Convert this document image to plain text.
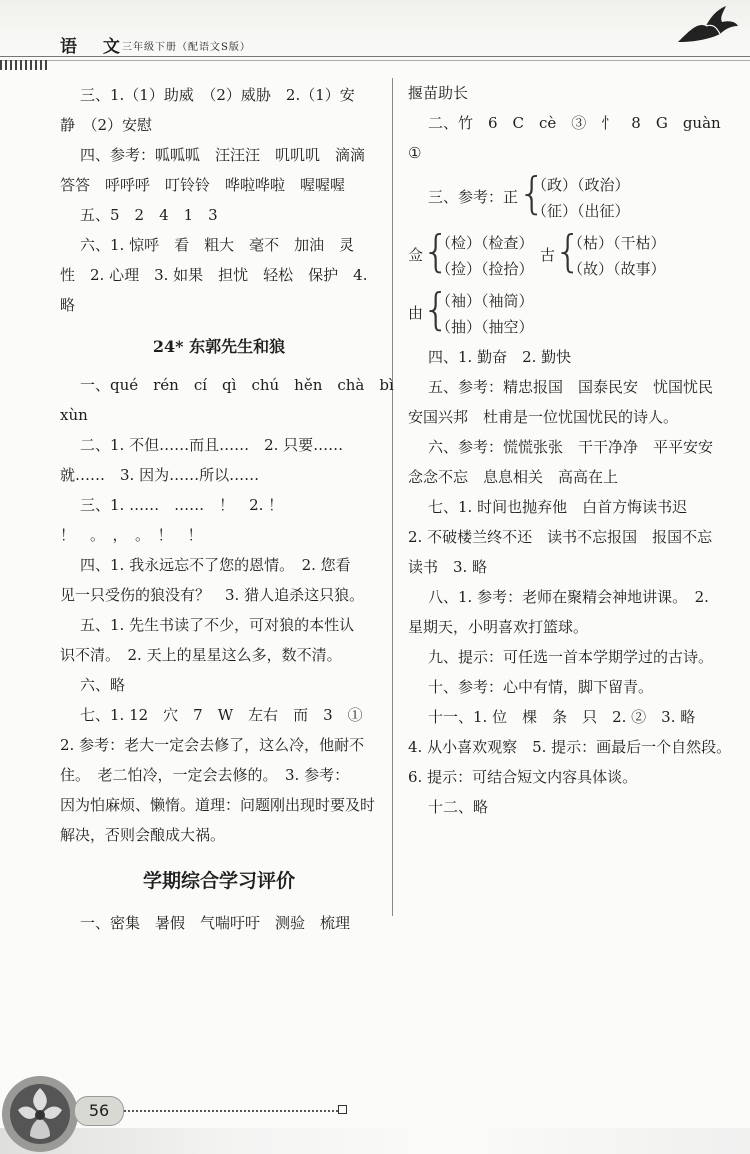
语 文
三年级下册（配语文S版）
三、1.（1）助威　（2）威胁　2.（1）安
静　（2）安慰
四、参考：呱呱呱　汪汪汪　叽叽叽　滴滴
答答　呼呼呼　叮铃铃　哗啦哗啦　喔喔喔
五、5　2　4　1　3
六、1. 惊呼　看　粗大　毫不　加油　灵
性　2. 心理　3. 如果　担忧　轻松　保护　4.
略
24* 东郭先生和狼
一、qué　rén　cí　qì　chú　hěn　chà　bì
xùn
二、1. 不但……而且……　2. 只要……
就……　3. 因为……所以……
三、1. ……　……　！　2. ！
！　。　，　。　！　！
四、1. 我永远忘不了您的恩情。　2. 您看
见一只受伤的狼没有？　3. 猎人追杀这只狼。
五、1. 先生书读了不少，可对狼的本性认
识不清。　2. 天上的星星这么多，数不清。
六、略
七、1. 12　穴　7　W　左右　而　3　①
2. 参考：老大一定会去修了，这么冷，他耐不
住。　老二怕冷，一定会去修的。　3. 参考：
因为怕麻烦、懒惰。道理：问题刚出现时要及时
解决，否则会酿成大祸。
学期综合学习评价
一、密集　暑假　气喘吁吁　测验　梳理
揠苗助长
二、竹　6　C　cè　③　忄　8　G　guàn
①
三、参考：正 {
（政）（政治）
（征）（出征）
佥
{
（检）（检查）
（捡）（捡拾）
古
{
（枯）（干枯）
（故）（故事）
由
{
（袖）（袖筒）
（抽）（抽空）
四、1. 勤奋　2. 勤快
五、参考：精忠报国　国泰民安　忧国忧民
安国兴邦　杜甫是一位忧国忧民的诗人。
六、参考：慌慌张张　干干净净　平平安安
念念不忘　息息相关　高高在上
七、1. 时间也抛弃他　白首方悔读书迟
2. 不破楼兰终不还　读书不忘报国　报国不忘
读书　3. 略
八、1. 参考：老师在聚精会神地讲课。　2.
星期天，小明喜欢打篮球。
九、提示：可任选一首本学期学过的古诗。
十、参考：心中有情，脚下留青。
十一、1. 位　棵　条　只　2. ②　3. 略
4. 从小喜欢观察　5. 提示：画最后一个自然段。
6. 提示：可结合短文内容具体谈。
十二、略
56
